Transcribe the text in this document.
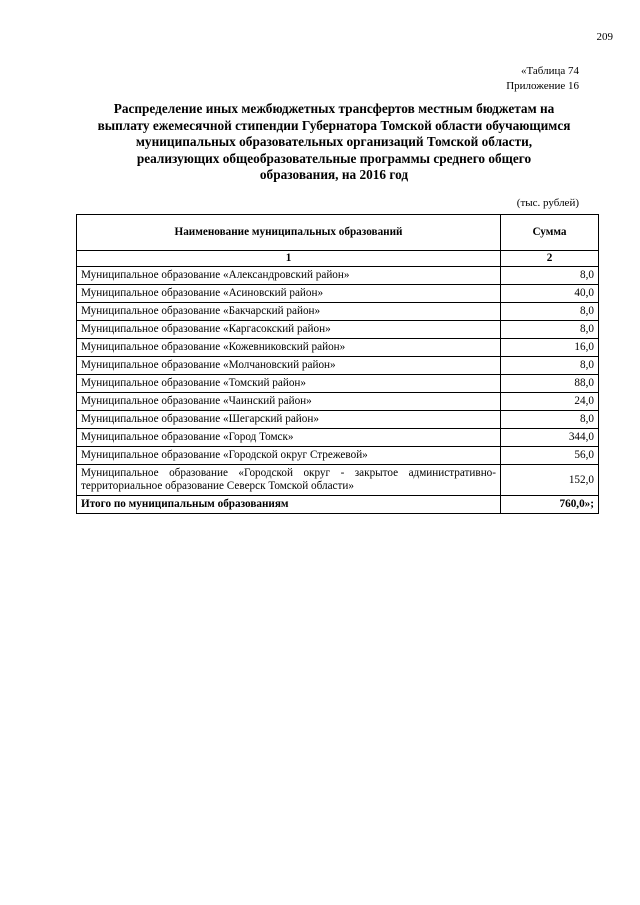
209
«Таблица 74
Приложение 16
Распределение иных межбюджетных трансфертов местным бюджетам на
выплату ежемесячной стипендии Губернатора Томской области обучающимся
муниципальных образовательных организаций Томской области,
реализующих общеобразовательные программы среднего общего
образования, на 2016 год
(тыс. рублей)
Наименование муниципальных образований	Сумма
1	2
Муниципальное образование «Александровский район»	8,0
Муниципальное образование «Асиновский район»	40,0
Муниципальное образование «Бакчарский район»	8,0
Муниципальное образование «Каргасокский район»	8,0
Муниципальное образование «Кожевниковский район»	16,0
Муниципальное образование «Молчановский район»	8,0
Муниципальное образование «Томский район»	88,0
Муниципальное образование «Чаинский район»	24,0
Муниципальное образование «Шегарский район»	8,0
Муниципальное образование «Город Томск»	344,0
Муниципальное образование «Городской округ Стрежевой»	56,0
Муниципальное образование «Городской округ - закрытое административно-территориальное образование Северск Томской области»	152,0
Итого по муниципальным образованиям	760,0»;
